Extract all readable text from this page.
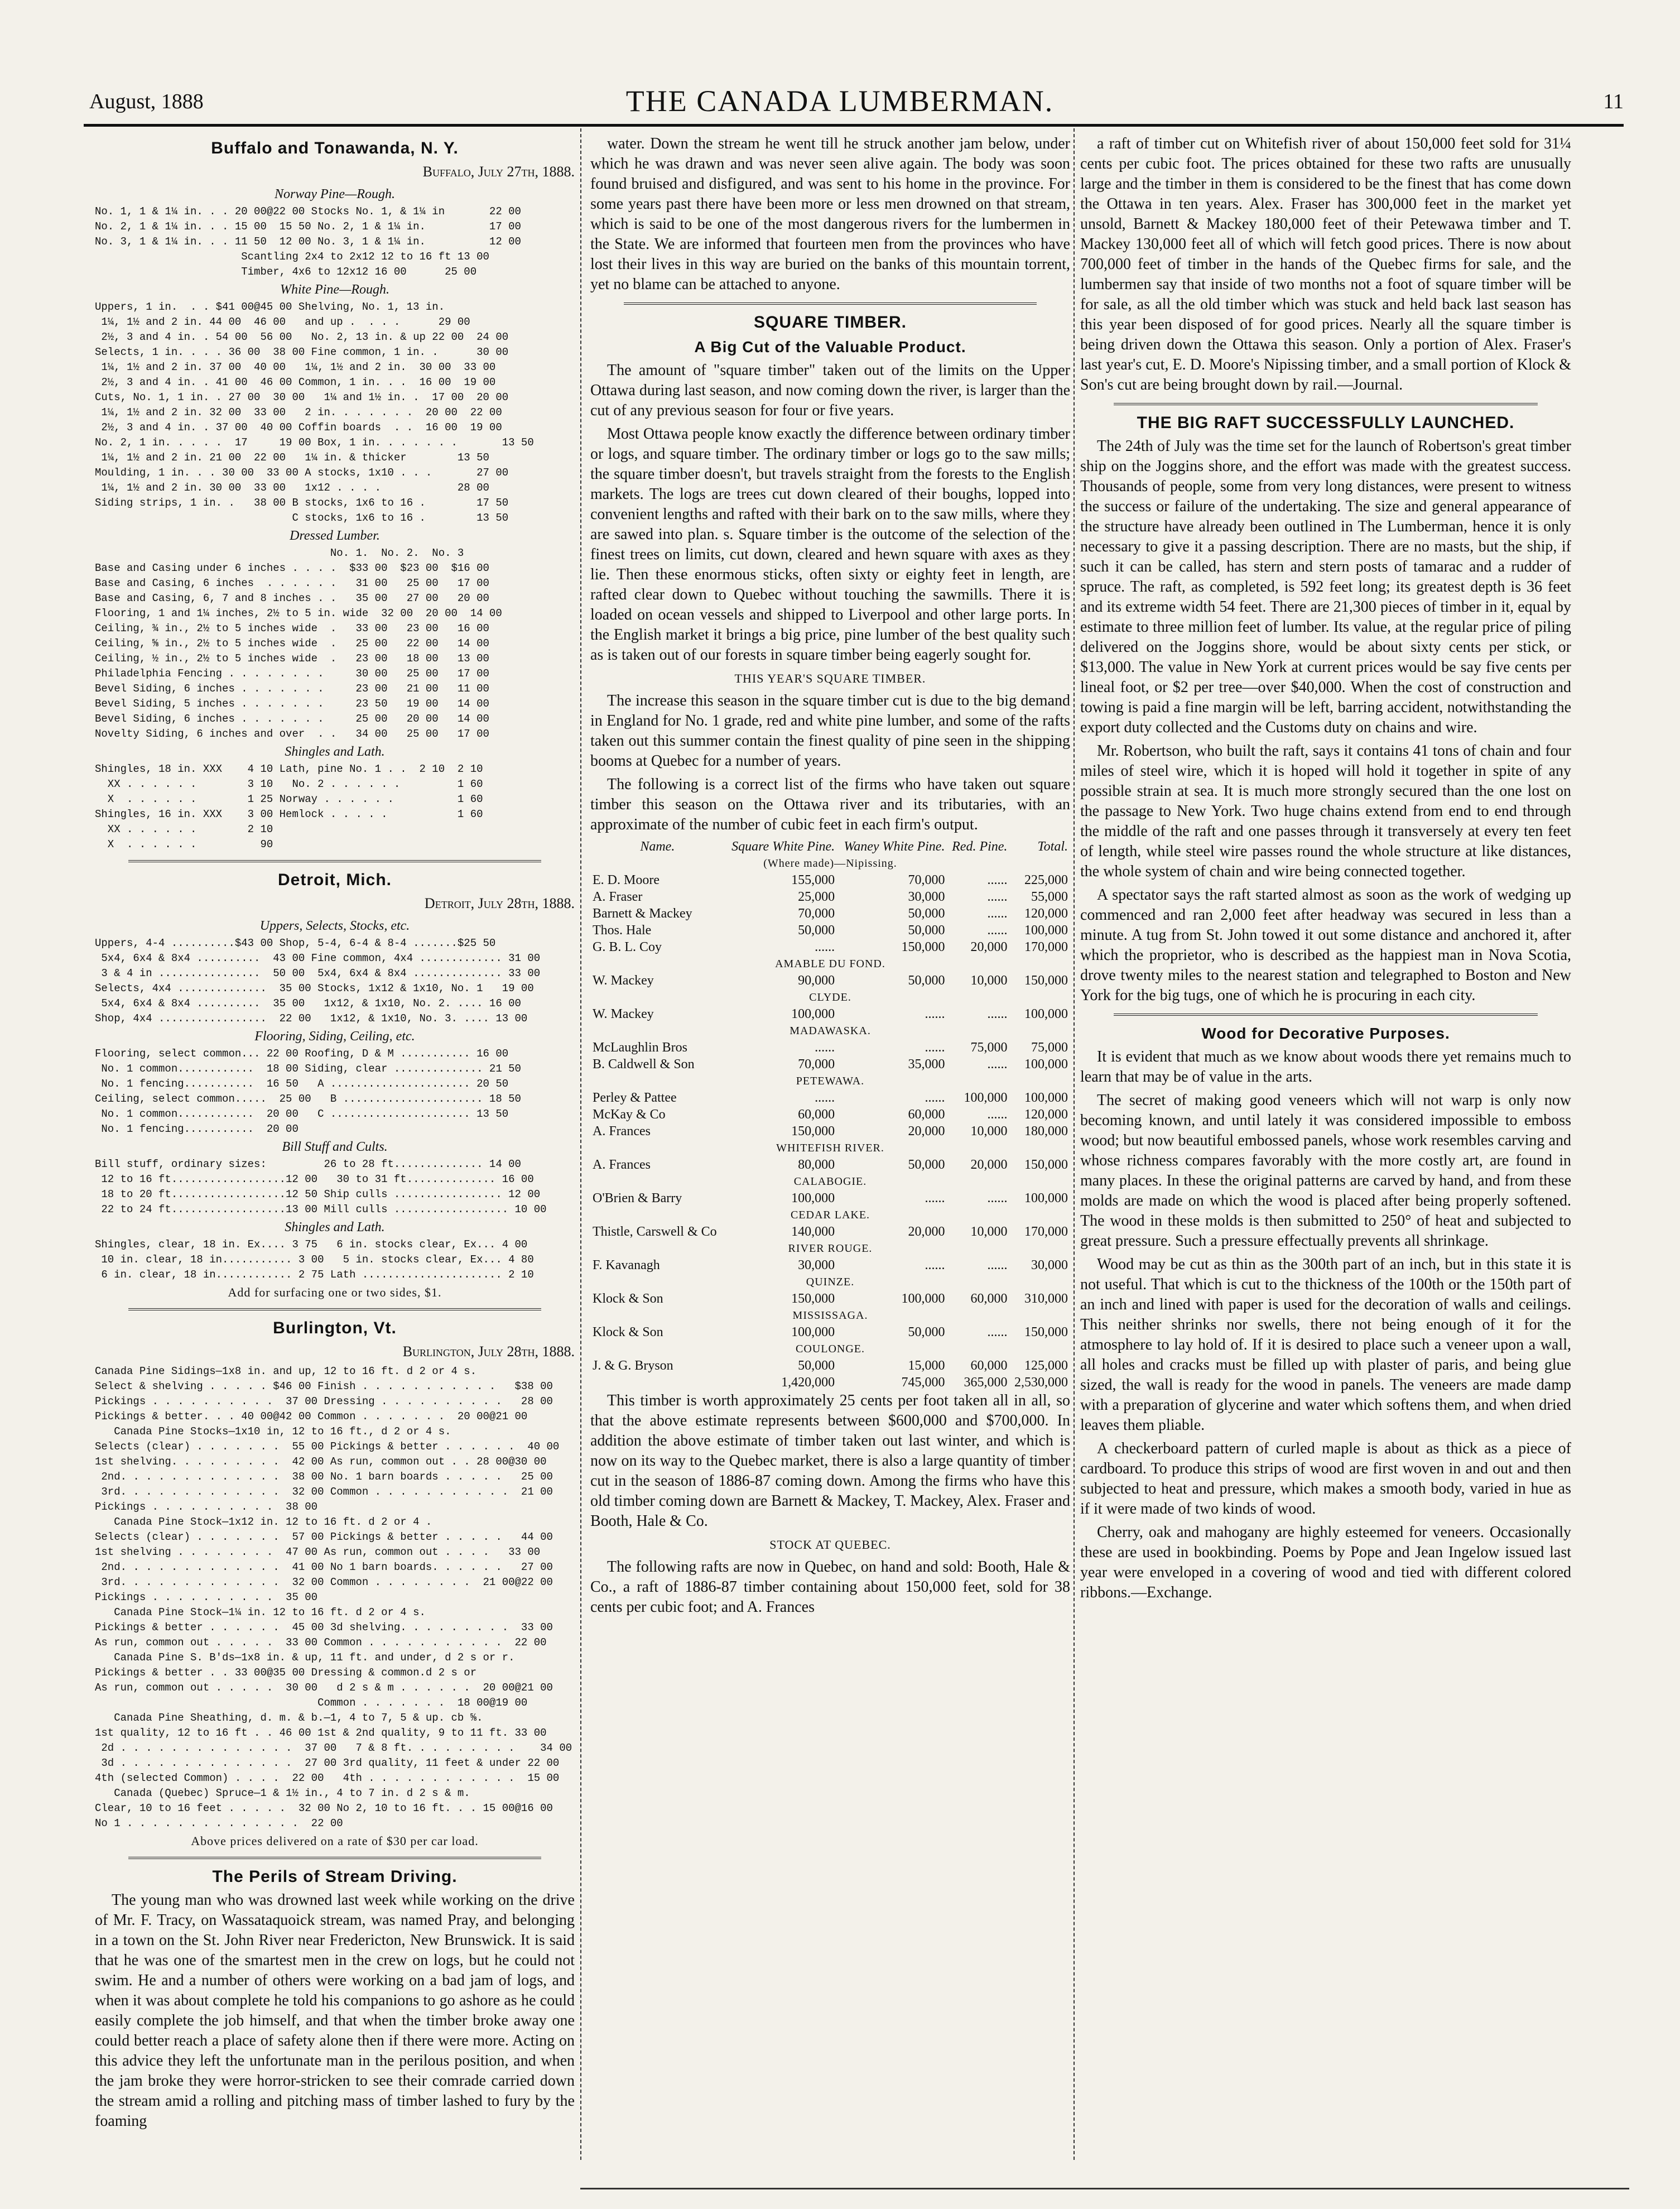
August, 1888	THE CANADA LUMBERMAN.	11
Buffalo and Tonawanda, N. Y.
Buffalo, July 27th, 1888.
Norway Pine—Rough.
No. 1, 1 & 1¼ in. . . 20 00@22 00 Stocks No. 1, & 1¼ in       22 00
No. 2, 1 & 1¼ in. . . 15 00  15 50 No. 2, 1 & 1¼ in.          17 00
No. 3, 1 & 1¼ in. . . 11 50  12 00 No. 3, 1 & 1¼ in.          12 00
Scantling 2x4 to 2x12 12 to 16 ft 13 00
Timber, 4x6 to 12x12 16 00      25 00
White Pine—Rough.
Uppers, 1 in.  . . $41 00@45 00 Shelving, No. 1, 13 in.
1¼, 1½ and 2 in. 44 00  46 00   and up .  . . .      29 00
2½, 3 and 4 in. . 54 00  56 00   No. 2, 13 in. & up 22 00  24 00
Selects, 1 in. . . . 36 00  38 00 Fine common, 1 in. .      30 00
1¼, 1½ and 2 in. 37 00  40 00   1¼, 1½ and 2 in.  30 00  33 00
2½, 3 and 4 in. . 41 00  46 00 Common, 1 in. . .  16 00  19 00
Cuts, No. 1, 1 in. . 27 00  30 00   1¼ and 1½ in. .  17 00  20 00
1¼, 1½ and 2 in. 32 00  33 00   2 in. . . . . . .  20 00  22 00
2½, 3 and 4 in. . 37 00  40 00 Coffin boards  . .  16 00  19 00
No. 2, 1 in. . . . .  17     19 00 Box, 1 in. . . . . . .       13 50
1¼, 1½ and 2 in. 21 00  22 00   1¼ in. & thicker        13 50
Moulding, 1 in. . . 30 00  33 00 A stocks, 1x10 . . .       27 00
1¼, 1½ and 2 in. 30 00  33 00   1x12 . . . .            28 00
Siding strips, 1 in. .   38 00 B stocks, 1x6 to 16 .        17 50
C stocks, 1x6 to 16 .        13 50
Dressed Lumber.
No. 1.  No. 2.  No. 3
Base and Casing under 6 inches . . . .  $33 00  $23 00  $16 00
Base and Casing, 6 inches  . . . . . .   31 00   25 00   17 00
Base and Casing, 6, 7 and 8 inches . .   35 00   27 00   20 00
Flooring, 1 and 1¼ inches, 2½ to 5 in. wide  32 00  20 00  14 00
Ceiling, ¾ in., 2½ to 5 inches wide  .   33 00   23 00   16 00
Ceiling, ⅝ in., 2½ to 5 inches wide  .   25 00   22 00   14 00
Ceiling, ½ in., 2½ to 5 inches wide  .   23 00   18 00   13 00
Philadelphia Fencing . . . . . . . .     30 00   25 00   17 00
Bevel Siding, 6 inches . . . . . . .     23 00   21 00   11 00
Bevel Siding, 5 inches . . . . . . .     23 50   19 00   14 00
Bevel Siding, 6 inches . . . . . . .     25 00   20 00   14 00
Novelty Siding, 6 inches and over  . .   34 00   25 00   17 00
Shingles and Lath.
Shingles, 18 in. XXX    4 10 Lath, pine No. 1 . .  2 10  2 10
XX . . . . . .        3 10   No. 2 . . . . . .         1 60
X  . . . . . .        1 25 Norway . . . . . .          1 60
Shingles, 16 in. XXX    3 00 Hemlock . . . . .           1 60
XX . . . . . .        2 10
X  . . . . . .          90
Detroit, Mich.
Detroit, July 28th, 1888.
Uppers, Selects, Stocks, etc.
Uppers, 4-4 ..........$43 00 Shop, 5-4, 6-4 & 8-4 .......$25 50
5x4, 6x4 & 8x4 ..........  43 00 Fine common, 4x4 ............. 31 00
3 & 4 in ................  50 00  5x4, 6x4 & 8x4 .............. 33 00
Selects, 4x4 ..............  35 00 Stocks, 1x12 & 1x10, No. 1   19 00
5x4, 6x4 & 8x4 ..........  35 00   1x12, & 1x10, No. 2. .... 16 00
Shop, 4x4 .................  22 00   1x12, & 1x10, No. 3. .... 13 00
Flooring, Siding, Ceiling, etc.
Flooring, select common... 22 00 Roofing, D & M ........... 16 00
No. 1 common............  18 00 Siding, clear .............. 21 50
No. 1 fencing...........  16 50   A ...................... 20 50
Ceiling, select common.....  25 00   B ...................... 18 50
No. 1 common............  20 00   C ...................... 13 50
No. 1 fencing...........  20 00
Bill Stuff and Cults.
Bill stuff, ordinary sizes:         26 to 28 ft.............. 14 00
12 to 16 ft..................12 00   30 to 31 ft.............. 16 00
18 to 20 ft..................12 50 Ship culls ................. 12 00
22 to 24 ft..................13 00 Mill culls .................. 10 00
Shingles and Lath.
Shingles, clear, 18 in. Ex.... 3 75   6 in. stocks clear, Ex... 4 00
10 in. clear, 18 in........... 3 00   5 in. stocks clear, Ex... 4 80
6 in. clear, 18 in............ 2 75 Lath ...................... 2 10
Add for surfacing one or two sides, $1.
Burlington, Vt.
Burlington, July 28th, 1888.
Canada Pine Sidings—1x8 in. and up, 12 to 16 ft. d 2 or 4 s.
Select & shelving . . . . . $46 00 Finish . . . . . . . . . . .   $38 00
Pickings . . . . . . . . . .  37 00 Dressing . . . . . . . . . .   28 00
Pickings & better. . . 40 00@42 00 Common . . . . . . .  20 00@21 00
Canada Pine Stocks—1x10 in, 12 to 16 ft., d 2 or 4 s.
Selects (clear) . . . . . . .  55 00 Pickings & better . . . . . .  40 00
1st shelving. . . . . . . . .  42 00 As run, common out . . 28 00@30 00
2nd. . . . . . . . . . . . .  38 00 No. 1 barn boards . . . . .   25 00
3rd. . . . . . . . . . . . .  32 00 Common . . . . . . . . . . .  21 00
Pickings . . . . . . . . . .  38 00
Canada Pine Stock—1x12 in. 12 to 16 ft. d 2 or 4 .
Selects (clear) . . . . . . .  57 00 Pickings & better . . . . .   44 00
1st shelving . . . . . . . .  47 00 As run, common out . . . .   33 00
2nd. . . . . . . . . . . . .  41 00 No 1 barn boards. . . . . .   27 00
3rd. . . . . . . . . . . . .  32 00 Common . . . . . . . .  21 00@22 00
Pickings . . . . . . . . . .  35 00
Canada Pine Stock—1¼ in. 12 to 16 ft. d 2 or 4 s.
Pickings & better . . . . . .  45 00 3d shelving. . . . . . . . .  33 00
As run, common out . . . . .  33 00 Common . . . . . . . . . . .  22 00
Canada Pine S. B'ds—1x8 in. & up, 11 ft. and under, d 2 s or r.
Pickings & better . . 33 00@35 00 Dressing & common.d 2 s or
As run, common out . . . . .  30 00   d 2 s & m . . . . . .  20 00@21 00
Common . . . . . . .  18 00@19 00
Canada Pine Sheathing, d. m. & b.—1, 4 to 7, 5 & up. cb ⅝.
1st quality, 12 to 16 ft . . 46 00 1st & 2nd quality, 9 to 11 ft. 33 00
2d . . . . . . . . . . . . . .  37 00   7 & 8 ft. . . . . . . . .    34 00
3d . . . . . . . . . . . . . .  27 00 3rd quality, 11 feet & under 22 00
4th (selected Common) . . . .  22 00   4th . . . . . . . . . . . .  15 00
Canada (Quebec) Spruce—1 & 1½ in., 4 to 7 in. d 2 s & m.
Clear, 10 to 16 feet . . . . .  32 00 No 2, 10 to 16 ft. . . 15 00@16 00
No 1 . . . . . . . . . . . . . .  22 00
Above prices delivered on a rate of $30 per car load.
The Perils of Stream Driving.

The young man who was drowned last week while working on the drive of Mr. F. Tracy, on Wassataquoick stream, was named Pray, and belonging in a town on the St. John River near Fredericton, New Brunswick. It is said that he was one of the smartest men in the crew on logs, but he could not swim. He and a number of others were working on a bad jam of logs, and when it was about complete he told his companions to go ashore as he could easily complete the job himself, and that when the timber broke away one could better reach a place of safety alone then if there were more. Acting on this advice they left the unfortunate man in the perilous position, and when the jam broke they were horror-stricken to see their comrade carried down the stream amid a rolling and pitching mass of timber lashed to fury by the foaming

water. Down the stream he went till he struck another jam below, under which he was drawn and was never seen alive again. The body was soon found bruised and disfigured, and was sent to his home in the province. For some years past there have been more or less men drowned on that stream, which is said to be one of the most dangerous rivers for the lumbermen in the State. We are informed that fourteen men from the provinces who have lost their lives in this way are buried on the banks of this mountain torrent, yet no blame can be attached to anyone.

SQUARE TIMBER.
A Big Cut of the Valuable Product.

The amount of "square timber" taken out of the limits on the Upper Ottawa during last season, and now coming down the river, is larger than the cut of any previous season for four or five years.

Most Ottawa people know exactly the difference between ordinary timber or logs, and square timber. The ordinary timber or logs go to the saw mills; the square timber doesn't, but travels straight from the forests to the English markets. The logs are trees cut down cleared of their boughs, lopped into convenient lengths and rafted with their bark on to the saw mills, where they are sawed into plan. s. Square timber is the outcome of the selection of the finest trees on limits, cut down, cleared and hewn square with axes as they lie. Then these enormous sticks, often sixty or eighty feet in length, are rafted clear down to Quebec without touching the sawmills. There it is loaded on ocean vessels and shipped to Liverpool and other large ports. In the English market it brings a big price, pine lumber of the best quality such as is taken out of our forests in square timber being eagerly sought for.

THIS YEAR'S SQUARE TIMBER.

The increase this season in the square timber cut is due to the big demand in England for No. 1 grade, red and white pine lumber, and some of the rafts taken out this summer contain the finest quality of pine seen in the shipping booms at Quebec for a number of years.

The following is a correct list of the firms who have taken out square timber this season on the Ottawa river and its tributaries, with an approximate of the number of cubic feet in each firm's output.

Name.	Square White Pine.	Waney White Pine.	Red. Pine.	Total.
(Where made)—Nipissing.				
E. D. Moore	155,000	70,000	......	225,000
A. Fraser	25,000	30,000	......	55,000
Barnett & Mackey	70,000	50,000	......	120,000
Thos. Hale	50,000	50,000	......	100,000
G. B. L. Coy	......	150,000	20,000	170,000
AMABLE DU FOND.				
W. Mackey	90,000	50,000	10,000	150,000
CLYDE.				
W. Mackey	100,000	......	......	100,000
MADAWASKA.				
McLaughlin Bros	......	......	75,000	75,000
B. Caldwell & Son	70,000	35,000	......	100,000
PETEWAWA.				
Perley & Pattee	......	......	100,000	100,000
McKay & Co	60,000	60,000	......	120,000
A. Frances	150,000	20,000	10,000	180,000
WHITEFISH RIVER.				
A. Frances	80,000	50,000	20,000	150,000
CALABOGIE.				
O'Brien & Barry	100,000	......	......	100,000
CEDAR LAKE.				
Thistle, Carswell & Co	140,000	20,000	10,000	170,000
RIVER ROUGE.				
F. Kavanagh	30,000	......	......	30,000
QUINZE.				
Klock & Son	150,000	100,000	60,000	310,000
MISSISSAGA.				
Klock & Son	100,000	50,000	......	150,000
COULONGE.				
J. & G. Bryson	50,000	15,000	60,000	125,000
	1,420,000	745,000	365,000	2,530,000

This timber is worth approximately 25 cents per foot taken all in all, so that the above estimate represents between $600,000 and $700,000. In addition the above estimate of timber taken out last winter, and which is now on its way to the Quebec market, there is also a large quantity of timber cut in the season of 1886-87 coming down. Among the firms who have this old timber coming down are Barnett & Mackey, T. Mackey, Alex. Fraser and Booth, Hale & Co.

STOCK AT QUEBEC.

The following rafts are now in Quebec, on hand and sold: Booth, Hale & Co., a raft of 1886-87 timber containing about 150,000 feet, sold for 38 cents per cubic foot; and A. Frances

a raft of timber cut on Whitefish river of about 150,000 feet sold for 31¼ cents per cubic foot. The prices obtained for these two rafts are unusually large and the timber in them is considered to be the finest that has come down the Ottawa in ten years. Alex. Fraser has 300,000 feet in the market yet unsold, Barnett & Mackey 180,000 feet of their Petewawa timber and T. Mackey 130,000 feet all of which will fetch good prices. There is now about 700,000 feet of timber in the hands of the Quebec firms for sale, and the lumbermen say that inside of two months not a foot of square timber will be for sale, as all the old timber which was stuck and held back last season has this year been disposed of for good prices. Nearly all the square timber is being driven down the Ottawa this season. Only a portion of Alex. Fraser's last year's cut, E. D. Moore's Nipissing timber, and a small portion of Klock & Son's cut are being brought down by rail.—Journal.

THE BIG RAFT SUCCESSFULLY LAUNCHED.

The 24th of July was the time set for the launch of Robertson's great timber ship on the Joggins shore, and the effort was made with the greatest success. Thousands of people, some from very long distances, were present to witness the success or failure of the undertaking. The size and general appearance of the structure have already been outlined in The Lumberman, hence it is only necessary to give it a passing description. There are no masts, but the ship, if such it can be called, has stern and stern posts of tamarac and a rudder of spruce. The raft, as completed, is 592 feet long; its greatest depth is 36 feet and its extreme width 54 feet. There are 21,300 pieces of timber in it, equal by estimate to three million feet of lumber. Its value, at the regular price of piling delivered on the Joggins shore, would be about sixty cents per stick, or $13,000. The value in New York at current prices would be say five cents per lineal foot, or $2 per tree—over $40,000. When the cost of construction and towing is paid a fine margin will be left, barring accident, notwithstanding the export duty collected and the Customs duty on chains and wire.

Mr. Robertson, who built the raft, says it contains 41 tons of chain and four miles of steel wire, which it is hoped will hold it together in spite of any possible strain at sea. It is much more strongly secured than the one lost on the passage to New York. Two huge chains extend from end to end through the middle of the raft and one passes through it transversely at every ten feet of length, while steel wire passes round the whole structure at like distances, the whole system of chain and wire being connected together.

A spectator says the raft started almost as soon as the work of wedging up commenced and ran 2,000 feet after headway was secured in less than a minute. A tug from St. John towed it out some distance and anchored it, after which the proprietor, who is described as the happiest man in Nova Scotia, drove twenty miles to the nearest station and telegraphed to Boston and New York for the big tugs, one of which he is procuring in each city.

Wood for Decorative Purposes.

It is evident that much as we know about woods there yet remains much to learn that may be of value in the arts.

The secret of making good veneers which will not warp is only now becoming known, and until lately it was considered impossible to emboss wood; but now beautiful embossed panels, whose work resembles carving and whose richness compares favorably with the more costly art, are found in many places. In these the original patterns are carved by hand, and from these molds are made on which the wood is placed after being properly softened. The wood in these molds is then submitted to 250° of heat and subjected to great pressure. Such a pressure effectually prevents all shrinkage.

Wood may be cut as thin as the 300th part of an inch, but in this state it is not useful. That which is cut to the thickness of the 100th or the 150th part of an inch and lined with paper is used for the decoration of walls and ceilings. This neither shrinks nor swells, there not being enough of it for the atmosphere to lay hold of. If it is desired to place such a veneer upon a wall, all holes and cracks must be filled up with plaster of paris, and being glue sized, the wall is ready for the wood in panels. The veneers are made damp with a preparation of glycerine and water which softens them, and when dried leaves them pliable.

A checkerboard pattern of curled maple is about as thick as a piece of cardboard. To produce this strips of wood are first woven in and out and then subjected to heat and pressure, which makes a smooth body, varied in hue as if it were made of two kinds of wood.

Cherry, oak and mahogany are highly esteemed for veneers. Occasionally these are used in bookbinding. Poems by Pope and Jean Ingelow issued last year were enveloped in a covering of wood and tied with different colored ribbons.—Exchange.
